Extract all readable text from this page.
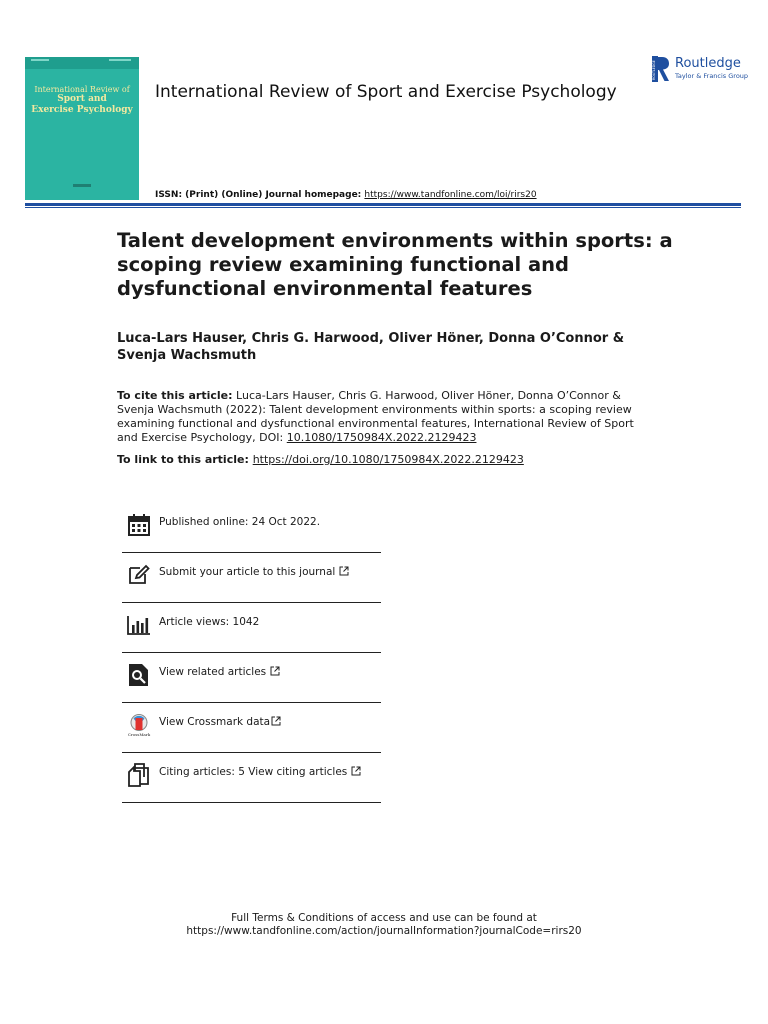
International Review of
Sport and
Exercise Psychology
International Review of Sport and Exercise Psychology
ROUTLEDGE Routledge
Taylor & Francis Group
ISSN: (Print) (Online) Journal homepage: https://www.tandfonline.com/loi/rirs20
Talent development environments within sports: a scoping review examining functional and dysfunctional environmental features
Luca-Lars Hauser, Chris G. Harwood, Oliver Höner, Donna O’Connor & Svenja Wachsmuth
To cite this article: Luca-Lars Hauser, Chris G. Harwood, Oliver Höner, Donna O’Connor & Svenja Wachsmuth (2022): Talent development environments within sports: a scoping review examining functional and dysfunctional environmental features, International Review of Sport and Exercise Psychology, DOI: 10.1080/1750984X.2022.2129423
To link to this article: https://doi.org/10.1080/1750984X.2022.2129423
Published online: 24 Oct 2022.
Submit your article to this journal
Article views: 1042
View related articles
CrossMark
View Crossmark data
Citing articles: 5 View citing articles
Full Terms & Conditions of access and use can be found at
https://www.tandfonline.com/action/journalInformation?journalCode=rirs20
